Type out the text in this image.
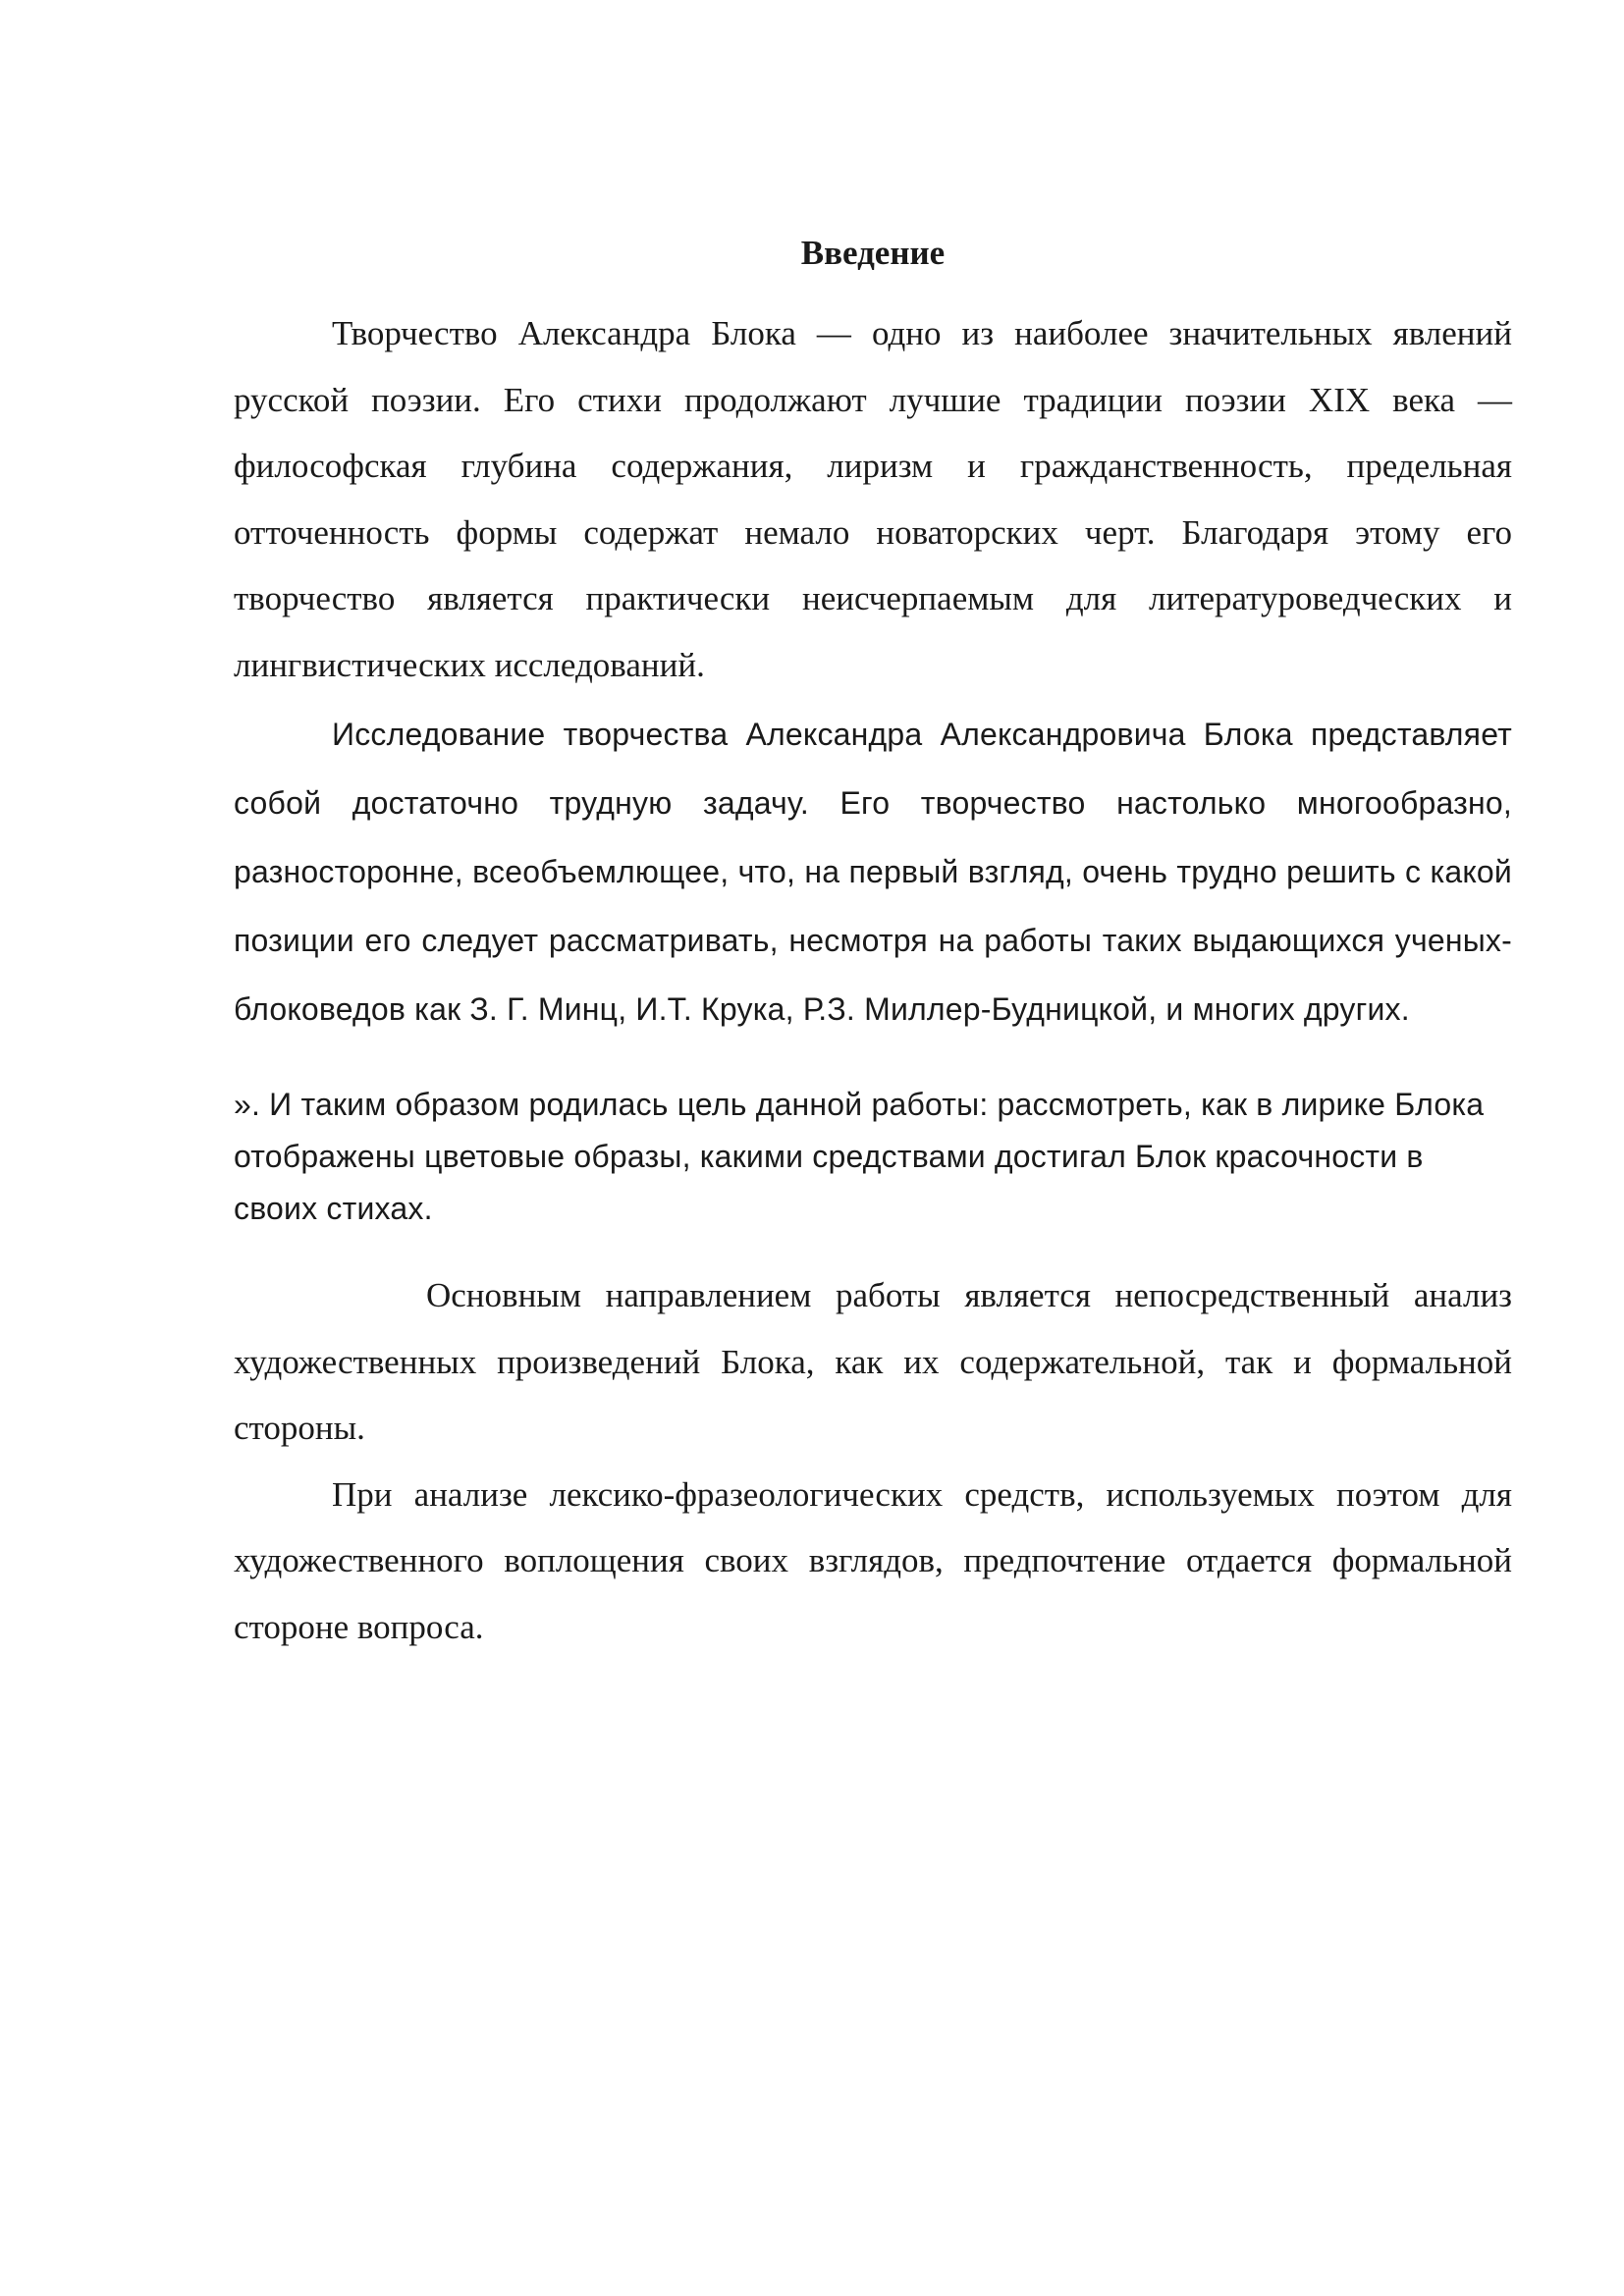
Введение

Творчество Александра Блока — одно из наиболее значительных явлений русской поэзии. Его стихи продолжают лучшие традиции поэзии XIX века — философская глубина содержания, лиризм и гражданственность, предельная отточенность формы содержат немало новаторских черт. Благодаря этому его творчество является практически неисчерпаемым для литературоведческих и лингвистических исследований.

Исследование творчества Александра Александровича Блока представляет собой достаточно трудную задачу. Его творчество настолько многообразно, разносторонне, всеобъемлющее, что, на первый взгляд, очень трудно решить с какой позиции его следует рассматривать, несмотря на работы таких выдающихся ученых-блоковедов как З. Г. Минц, И.Т. Крука, Р.З. Миллер-Будницкой, и многих других.

». И таким образом родилась цель данной работы: рассмотреть, как в лирике Блока отображены цветовые образы, какими средствами достигал Блок красочности в своих стихах.

Основным направлением работы является непосредственный анализ художественных произведений Блока, как их содержательной, так и формальной стороны.

При анализе лексико-фразеологических средств, используемых поэтом для художественного воплощения своих взглядов, предпочтение отдается формальной стороне вопроса.
